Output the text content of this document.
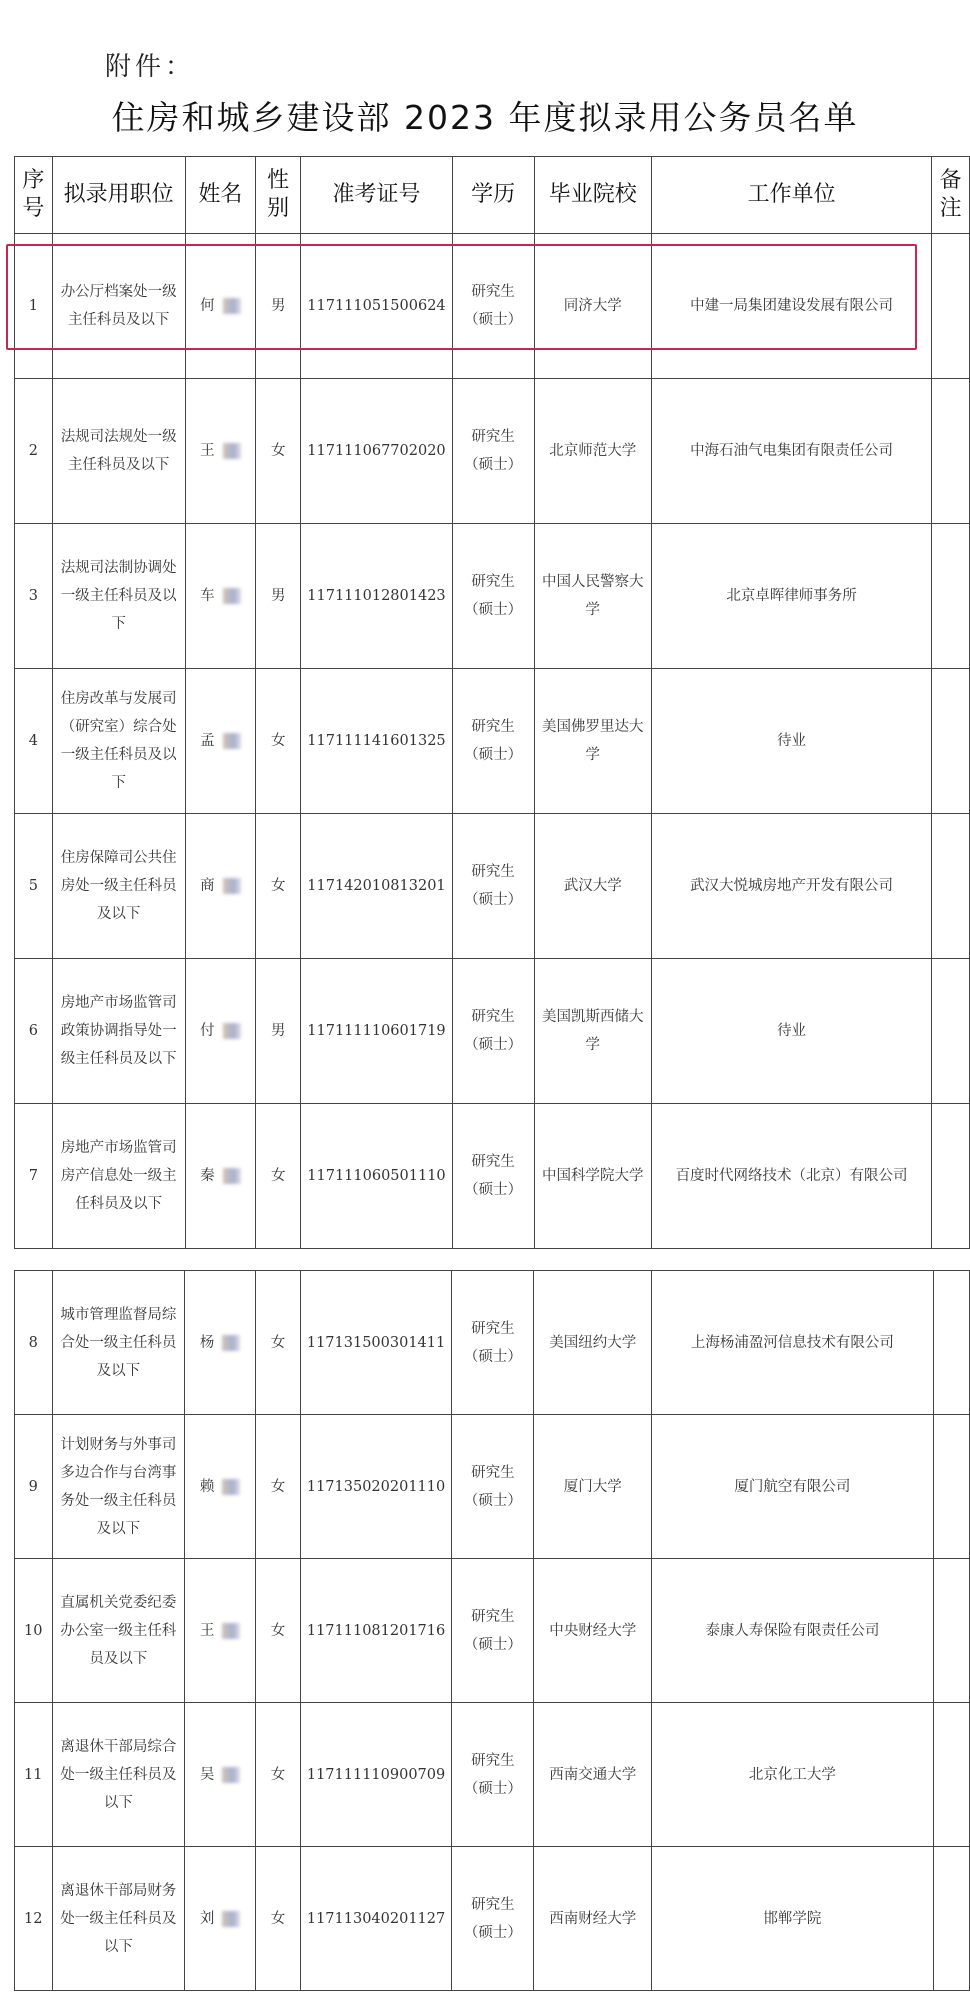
附件：
住房和城乡建设部 2023 年度拟录用公务员名单
序号	拟录用职位	姓名	性别	准考证号	学历	毕业院校	工作单位	备注
1	办公厅档案处一级主任科员及以下	何	男	117111051500624	研究生（硕士）	同济大学	中建一局集团建设发展有限公司	
2	法规司法规处一级主任科员及以下	王	女	117111067702020	研究生（硕士）	北京师范大学	中海石油气电集团有限责任公司	
3	法规司法制协调处一级主任科员及以下	车	男	117111012801423	研究生（硕士）	中国人民警察大学	北京卓晖律师事务所	
4	住房改革与发展司（研究室）综合处一级主任科员及以下	孟	女	117111141601325	研究生（硕士）	美国佛罗里达大学	待业	
5	住房保障司公共住房处一级主任科员及以下	商	女	117142010813201	研究生（硕士）	武汉大学	武汉大悦城房地产开发有限公司	
6	房地产市场监管司政策协调指导处一级主任科员及以下	付	男	117111110601719	研究生（硕士）	美国凯斯西储大学	待业	
7	房地产市场监管司房产信息处一级主任科员及以下	秦	女	117111060501110	研究生（硕士）	中国科学院大学	百度时代网络技术（北京）有限公司	
8	城市管理监督局综合处一级主任科员及以下	杨	女	117131500301411	研究生（硕士）	美国纽约大学	上海杨浦盈河信息技术有限公司	
9	计划财务与外事司多边合作与台湾事务处一级主任科员及以下	赖	女	117135020201110	研究生（硕士）	厦门大学	厦门航空有限公司	
10	直属机关党委纪委办公室一级主任科员及以下	王	女	117111081201716	研究生（硕士）	中央财经大学	泰康人寿保险有限责任公司	
11	离退休干部局综合处一级主任科员及以下	吴	女	117111110900709	研究生（硕士）	西南交通大学	北京化工大学	
12	离退休干部局财务处一级主任科员及以下	刘	女	117113040201127	研究生（硕士）	西南财经大学	邯郸学院	
